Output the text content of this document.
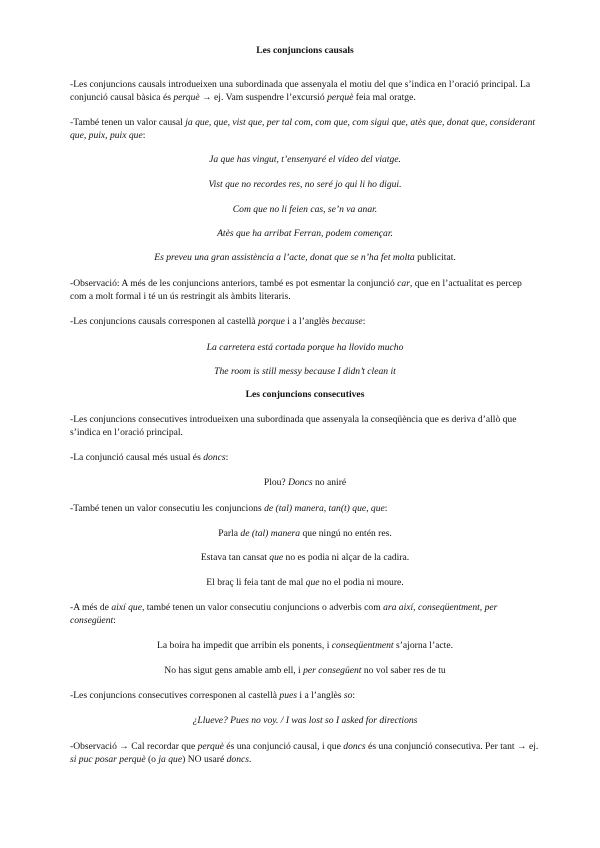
Les conjuncions causals

-Les conjuncions causals introdueixen una subordinada que assenyala el motiu del que s’indica en l’oració principal. La conjunció causal bàsica és perquè → ej. Vam suspendre l’excursió perquè feia mal oratge.

-També tenen un valor causal ja que, que, vist que, per tal com, com que, com sigui que, atès que, donat que, considerant que, puix, puix que:

Ja que has vingut, t’ensenyaré el vídeo del viatge.

Vist que no recordes res, no seré jo qui li ho digui.

Com que no li feien cas, se’n va anar.

Atès que ha arribat Ferran, podem començar.

Es preveu una gran assistència a l’acte, donat que se n’ha fet molta publicitat.

-Observació: A més de les conjuncions anteriors, també es pot esmentar la conjunció car, que en l’actualitat es percep com a molt formal i té un ús restringit als àmbits literaris.

-Les conjuncions causals corresponen al castellà porque i a l’anglès because:

La carretera está cortada porque ha llovido mucho

The room is still messy because I didn’t clean it

Les conjuncions consecutives

-Les conjuncions consecutives introdueixen una subordinada que assenyala la conseqüència que es deriva d’allò que s’indica en l’oració principal.

-La conjunció causal més usual és doncs:

Plou? Doncs no aniré

-També tenen un valor consecutiu les conjuncions de (tal) manera, tan(t) que, que:

Parla de (tal) manera que ningú no entén res.

Estava tan cansat que no es podia ni alçar de la cadira.

El braç li feia tant de mal que no el podia ni moure.

-A més de així que, també tenen un valor consecutiu conjuncions o adverbis com ara així, conseqüentment, per consegüent:

La boira ha impedit que arribin els ponents, i conseqüentment s’ajorna l’acte.

No has sigut gens amable amb ell, i per consegüent no vol saber res de tu

-Les conjuncions consecutives corresponen al castellà pues i a l’anglès so:

¿Llueve? Pues no voy. / I was lost so I asked for directions

-Observació → Cal recordar que perquè és una conjunció causal, i que doncs és una conjunció consecutiva. Per tant → ej. si puc posar perquè (o ja que) NO usaré doncs.
